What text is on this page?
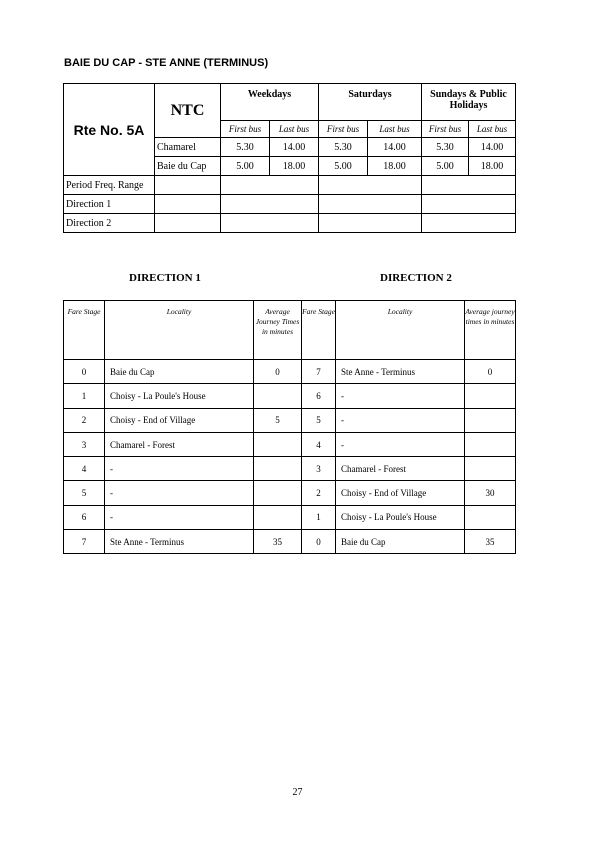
BAIE DU CAP - STE ANNE (TERMINUS)
Rte No. 5A	NTC	Weekdays		Saturdays		Sundays & Public Holidays	
		First bus	Last bus	First bus	Last bus	First bus	Last bus
	Chamarel	5.30	14.00	5.30	14.00	5.30	14.00
	Baie du Cap	5.00	18.00	5.00	18.00	5.00	18.00
Period Freq. Range							
Direction 1							
Direction 2							
DIRECTION 1	DIRECTION 2
Fare Stage	Locality	Average Journey Times in minutes	Fare Stage	Locality	Average journey times in minutes
0	Baie du Cap	0	7	Ste Anne - Terminus	0
1	Choisy - La Poule's House		6	-	
2	Choisy - End of Village	5	5	-	
3	Chamarel - Forest		4	-	
4	-		3	Chamarel - Forest	
5	-		2	Choisy - End of Village	30
6	-		1	Choisy - La Poule's House	
7	Ste Anne - Terminus	35	0	Baie du Cap	35
27
